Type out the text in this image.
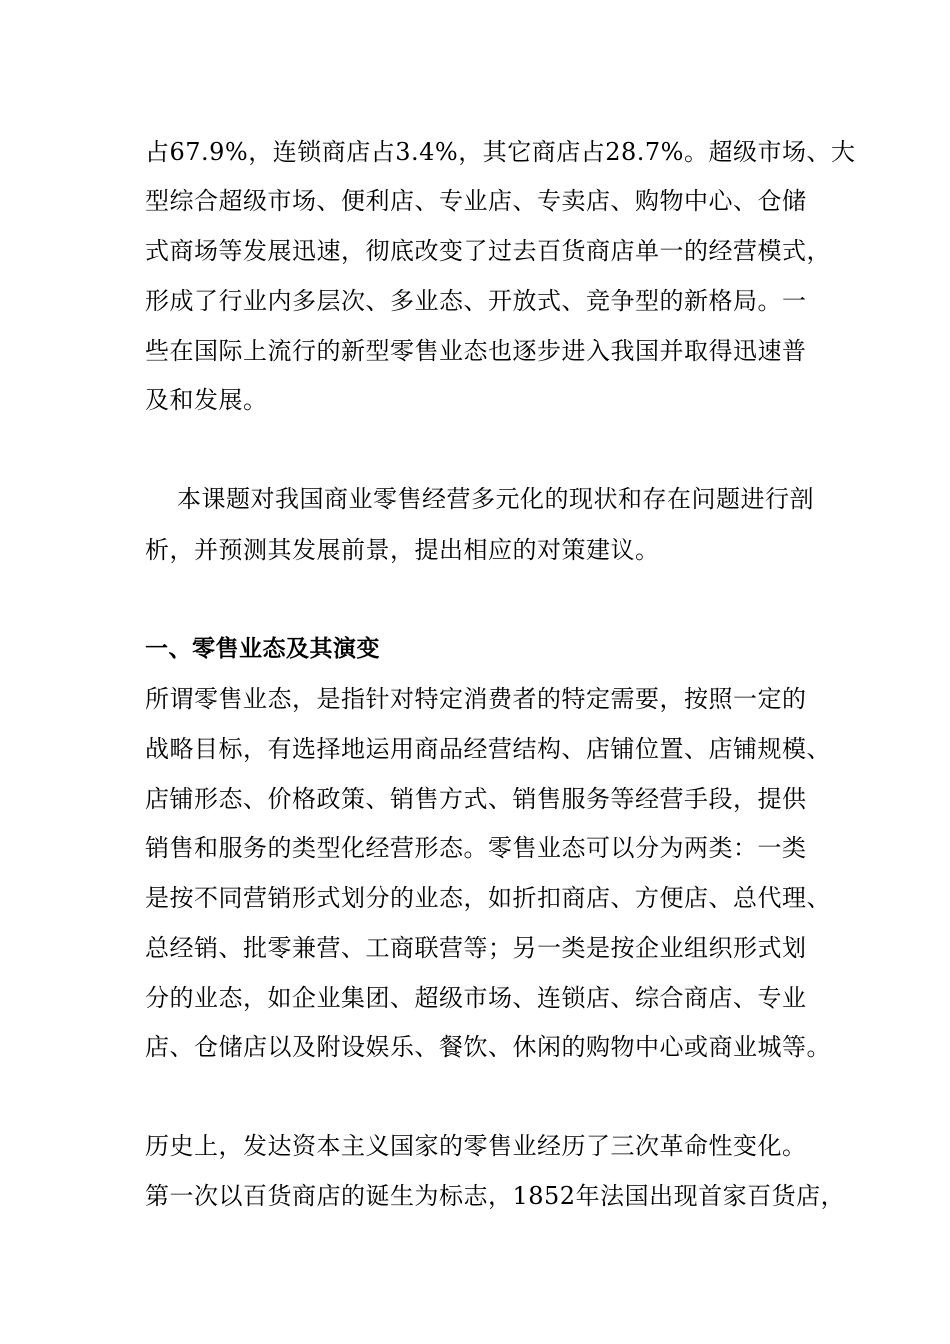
占67.9%，连锁商店占3.4%，其它商店占28.7%。超级市场、大
型综合超级市场、便利店、专业店、专卖店、购物中心、仓储
式商场等发展迅速，彻底改变了过去百货商店单一的经营模式，
形成了行业内多层次、多业态、开放式、竞争型的新格局。一
些在国际上流行的新型零售业态也逐步进入我国并取得迅速普
及和发展。
本课题对我国商业零售经营多元化的现状和存在问题进行剖
析，并预测其发展前景，提出相应的对策建议。
一、零售业态及其演变
所谓零售业态，是指针对特定消费者的特定需要，按照一定的
战略目标，有选择地运用商品经营结构、店铺位置、店铺规模、
店铺形态、价格政策、销售方式、销售服务等经营手段，提供
销售和服务的类型化经营形态。零售业态可以分为两类：一类
是按不同营销形式划分的业态，如折扣商店、方便店、总代理、
总经销、批零兼营、工商联营等；另一类是按企业组织形式划
分的业态，如企业集团、超级市场、连锁店、综合商店、专业
店、仓储店以及附设娱乐、餐饮、休闲的购物中心或商业城等。
历史上，发达资本主义国家的零售业经历了三次革命性变化。
第一次以百货商店的诞生为标志，1852年法国出现首家百货店，
